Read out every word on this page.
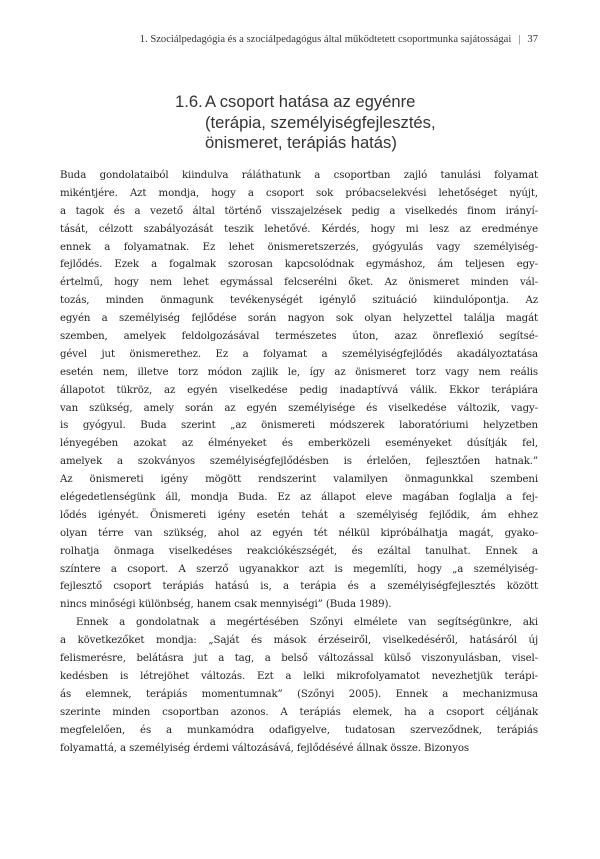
1. Szociálpedagógia és a szociálpedagógus által működtetett csoportmunka sajátosságai | 37
1.6. A csoport hatása az egyénre
(terápia, személyiségfejlesztés,
önismeret, terápiás hatás)
Buda gondolataiból kiindulva ráláthatunk a csoportban zajló tanulási folyamat
mikéntjére. Azt mondja, hogy a csoport sok próbacselekvési lehetőséget nyújt,
a tagok és a vezető által történő visszajelzések pedig a viselkedés finom irányí-
tását, célzott szabályozását teszik lehetővé. Kérdés, hogy mi lesz az eredménye
ennek a folyamatnak. Ez lehet önismeretszerzés, gyógyulás vagy személyiség-
fejlődés. Ezek a fogalmak szorosan kapcsolódnak egymáshoz, ám teljesen egy-
értelmű, hogy nem lehet egymással felcserélni őket. Az önismeret minden vál-
tozás, minden önmagunk tevékenységét igénylő szituáció kiindulópontja. Az
egyén a személyiség fejlődése során nagyon sok olyan helyzettel találja magát
szemben, amelyek feldolgozásával természetes úton, azaz önreflexió segítsé-
gével jut önismerethez. Ez a folyamat a személyiségfejlődés akadályoztatása
esetén nem, illetve torz módon zajlik le, így az önismeret torz vagy nem reális
állapotot tükröz, az egyén viselkedése pedig inadaptívvá válik. Ekkor terápiára
van szükség, amely során az egyén személyisége és viselkedése változik, vagy-
is gyógyul. Buda szerint „az önismereti módszerek laboratóriumi helyzetben
lényegében azokat az élményeket és emberközeli eseményeket dúsítják fel,
amelyek a szokványos személyiségfejlődésben is érlelően, fejlesztően hatnak.”
Az önismereti igény mögött rendszerint valamilyen önmagunkkal szembeni
elégedetlenségünk áll, mondja Buda. Ez az állapot eleve magában foglalja a fej-
lődés igényét. Önismereti igény esetén tehát a személyiség fejlődik, ám ehhez
olyan térre van szükség, ahol az egyén tét nélkül kipróbálhatja magát, gyako-
rolhatja önmaga viselkedéses reakciókészségét, és ezáltal tanulhat. Ennek a
színtere a csoport. A szerző ugyanakkor azt is megemlíti, hogy „a személyiség-
fejlesztő csoport terápiás hatású is, a terápia és a személyiségfejlesztés között
nincs minőségi különbség, hanem csak mennyiségi” (Buda 1989).
Ennek a gondolatnak a megértésében Szőnyi elmélete van segítségünkre, aki
a következőket mondja: „Saját és mások érzéseiről, viselkedéséről, hatásáról új
felismerésre, belátásra jut a tag, a belső változással külső viszonyulásban, visel-
kedésben is létrejöhet változás. Ezt a lelki mikrofolyamatot nevezhetjük terápi-
ás elemnek, terápiás momentumnak” (Szőnyi 2005). Ennek a mechanizmusa
szerinte minden csoportban azonos. A terápiás elemek, ha a csoport céljának
megfelelően, és a munkamódra odafigyelve, tudatosan szerveződnek, terápiás
folyamattá, a személyiség érdemi változásává, fejlődésévé állnak össze. Bizonyos
